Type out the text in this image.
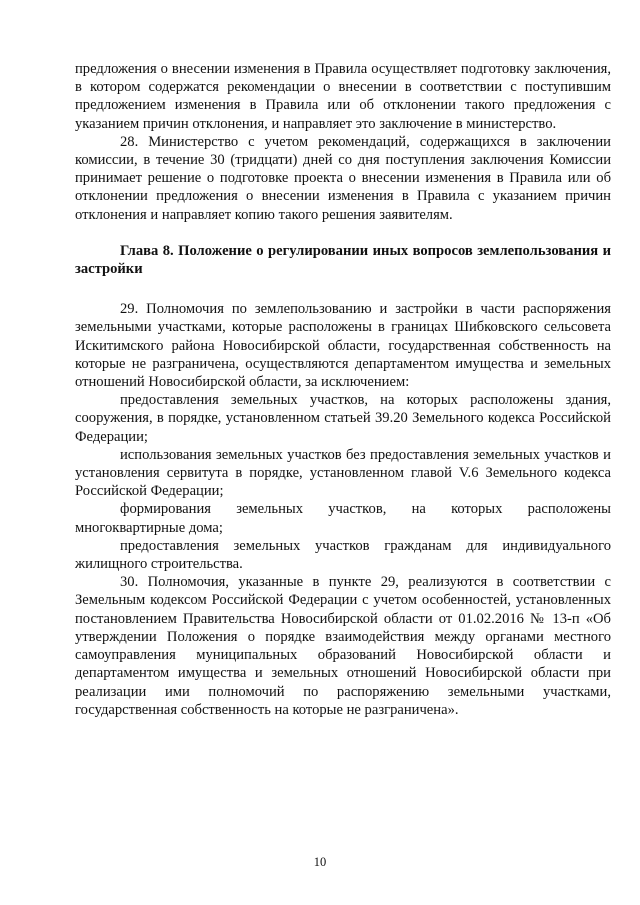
предложения о внесении изменения в Правила осуществляет подготовку заключения, в котором содержатся рекомендации о внесении в соответствии с поступившим предложением изменения в Правила или об отклонении такого предложения с указанием причин отклонения, и направляет это заключение в министерство.

28. Министерство с учетом рекомендаций, содержащихся в заключении комиссии, в течение 30 (тридцати) дней со дня поступления заключения Комиссии принимает решение о подготовке проекта о внесении изменения в Правила или об отклонении предложения о внесении изменения в Правила с указанием причин отклонения и направляет копию такого решения заявителям.

Глава 8. Положение о регулировании иных вопросов землепользования и застройки

29. Полномочия по землепользованию и застройки в части распоряжения земельными участками, которые расположены в границах Шибковского сельсовета Искитимского района Новосибирской области, государственная собственность на которые не разграничена, осуществляются департаментом имущества и земельных отношений Новосибирской области, за исключением:

предоставления земельных участков, на которых расположены здания, сооружения, в порядке, установленном статьей 39.20 Земельного кодекса Российской Федерации;

использования земельных участков без предоставления земельных участков и установления сервитута в порядке, установленном главой V.6 Земельного кодекса Российской Федерации;

формирования земельных участков, на которых расположены многоквартирные дома;

предоставления земельных участков гражданам для индивидуального жилищного строительства.

30. Полномочия, указанные в пункте 29, реализуются в соответствии с Земельным кодексом Российской Федерации с учетом особенностей, установленных постановлением Правительства Новосибирской области от 01.02.2016 № 13-п «Об утверждении Положения о порядке взаимодействия между органами местного самоуправления муниципальных образований Новосибирской области и департаментом имущества и земельных отношений Новосибирской области при реализации ими полномочий по распоряжению земельными участками, государственная собственность на которые не разграничена».

10
